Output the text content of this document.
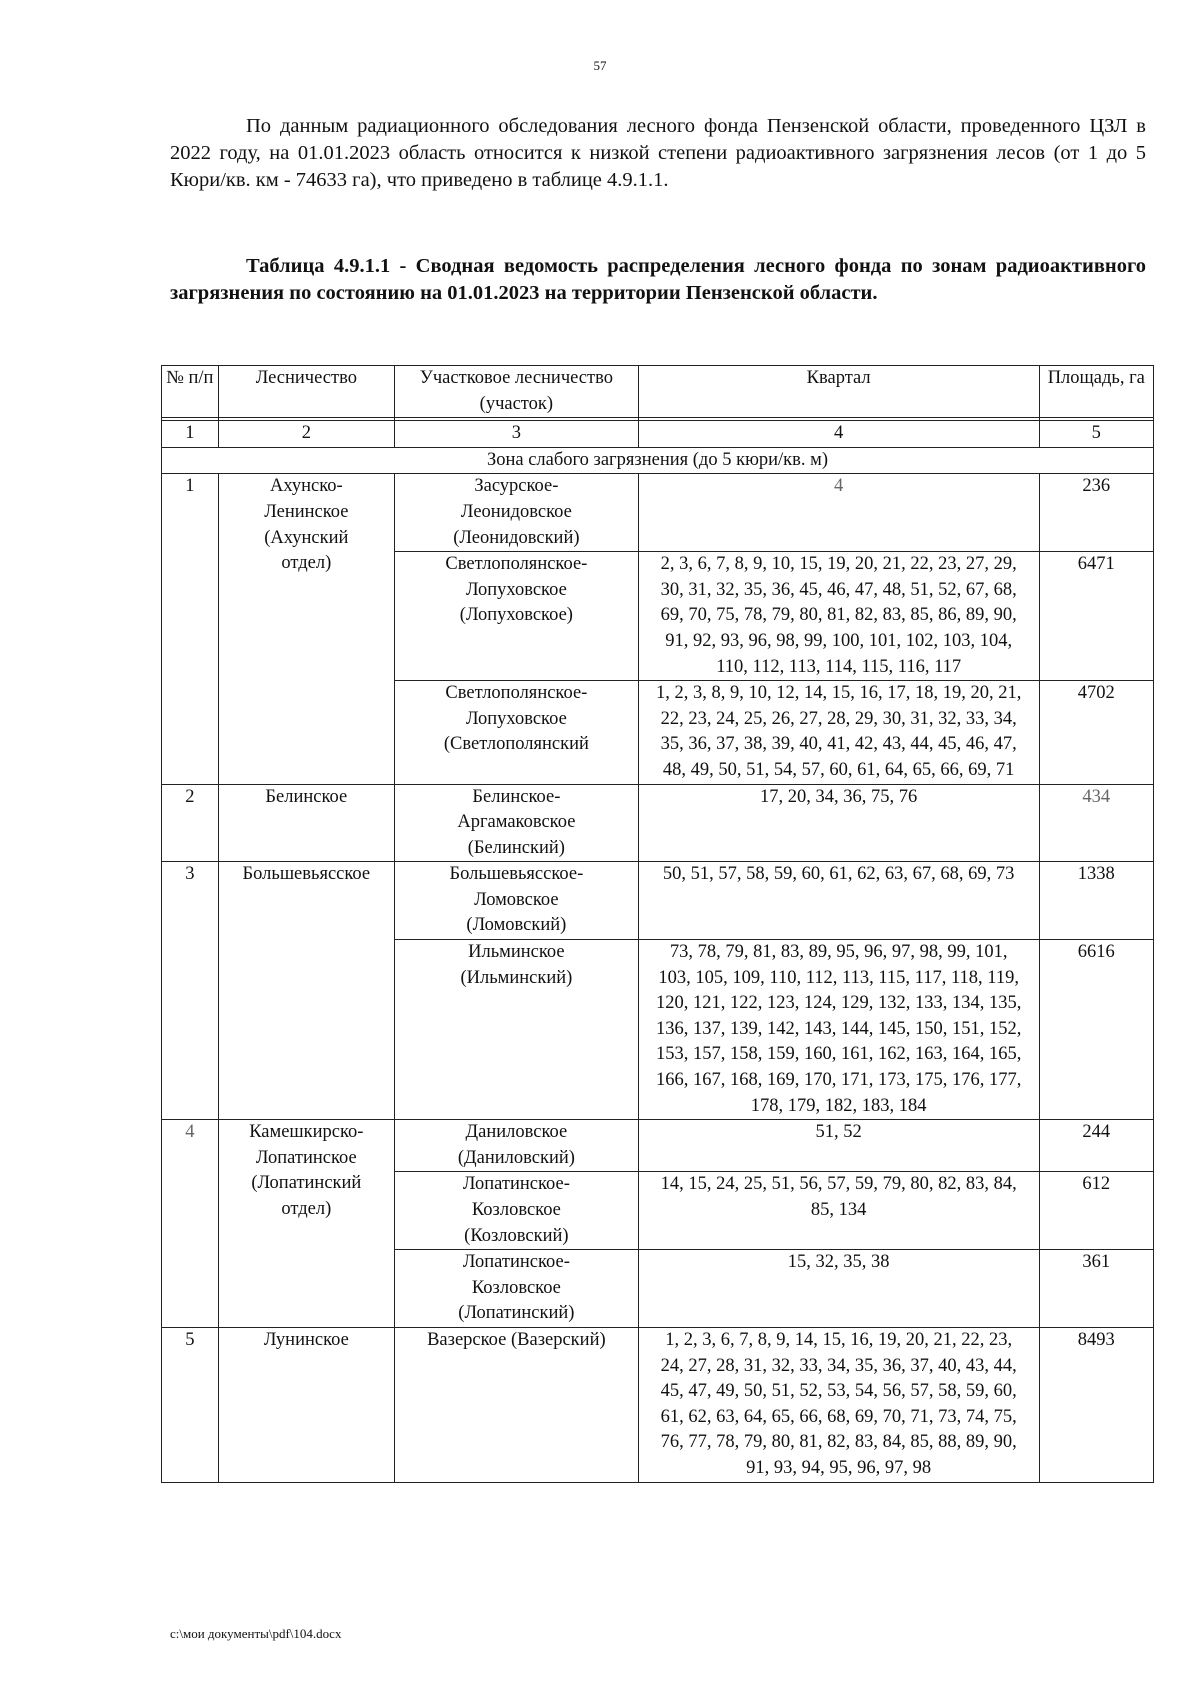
57

По данным радиационного обследования лесного фонда Пензенской области, проведенного ЦЗЛ в 2022 году, на 01.01.2023 область относится к низкой степени радиоактивного загрязнения лесов (от 1 до 5 Кюри/кв. км - 74633 га), что приведено в таблице 4.9.1.1.

Таблица 4.9.1.1 - Сводная ведомость распределения лесного фонда по зонам радиоактивного загрязнения по состоянию на 01.01.2023 на территории Пензенской области.

№ п/п	Лесничество	Участковое лесничество (участок)	Квартал	Площадь, га

1	2	3	4	5
Зона слабого загрязнения (до 5 кюри/кв. м)				
1	Ахунско-Ленинское (Ахунский отдел)	Засурское-Леонидовское (Леонидовский)	4	236
		Светлополянское-Лопуховское (Лопуховское)	2, 3, 6, 7, 8, 9, 10, 15, 19, 20, 21, 22, 23, 27, 29, 30, 31, 32, 35, 36, 45, 46, 47, 48, 51, 52, 67, 68, 69, 70, 75, 78, 79, 80, 81, 82, 83, 85, 86, 89, 90, 91, 92, 93, 96, 98, 99, 100, 101, 102, 103, 104, 110, 112, 113, 114, 115, 116, 117	6471
		Светлополянское-Лопуховское (Светлополянский	1, 2, 3, 8, 9, 10, 12, 14, 15, 16, 17, 18, 19, 20, 21, 22, 23, 24, 25, 26, 27, 28, 29, 30, 31, 32, 33, 34, 35, 36, 37, 38, 39, 40, 41, 42, 43, 44, 45, 46, 47, 48, 49, 50, 51, 54, 57, 60, 61, 64, 65, 66, 69, 71	4702
2	Белинское	Белинское-Аргамаковское (Белинский)	17, 20, 34, 36, 75, 76	434
3	Большевьясское	Большевьясское-Ломовское (Ломовский)	50, 51, 57, 58, 59, 60, 61, 62, 63, 67, 68, 69, 73	1338
		Ильминское (Ильминский)	73, 78, 79, 81, 83, 89, 95, 96, 97, 98, 99, 101, 103, 105, 109, 110, 112, 113, 115, 117, 118, 119, 120, 121, 122, 123, 124, 129, 132, 133, 134, 135, 136, 137, 139, 142, 143, 144, 145, 150, 151, 152, 153, 157, 158, 159, 160, 161, 162, 163, 164, 165, 166, 167, 168, 169, 170, 171, 173, 175, 176, 177, 178, 179, 182, 183, 184	6616
4	Камешкирско-Лопатинское (Лопатинский отдел)	Даниловское (Даниловский)	51, 52	244
		Лопатинское-Козловское (Козловский)	14, 15, 24, 25, 51, 56, 57, 59, 79, 80, 82, 83, 84, 85, 134	612
		Лопатинское-Козловское (Лопатинский)	15, 32, 35, 38	361
5	Лунинское	Вазерское (Вазерский)	1, 2, 3, 6, 7, 8, 9, 14, 15, 16, 19, 20, 21, 22, 23, 24, 27, 28, 31, 32, 33, 34, 35, 36, 37, 40, 43, 44, 45, 47, 49, 50, 51, 52, 53, 54, 56, 57, 58, 59, 60, 61, 62, 63, 64, 65, 66, 68, 69, 70, 71, 73, 74, 75, 76, 77, 78, 79, 80, 81, 82, 83, 84, 85, 88, 89, 90, 91, 93, 94, 95, 96, 97, 98	8493
c:\мои документы\pdf\104.docx
